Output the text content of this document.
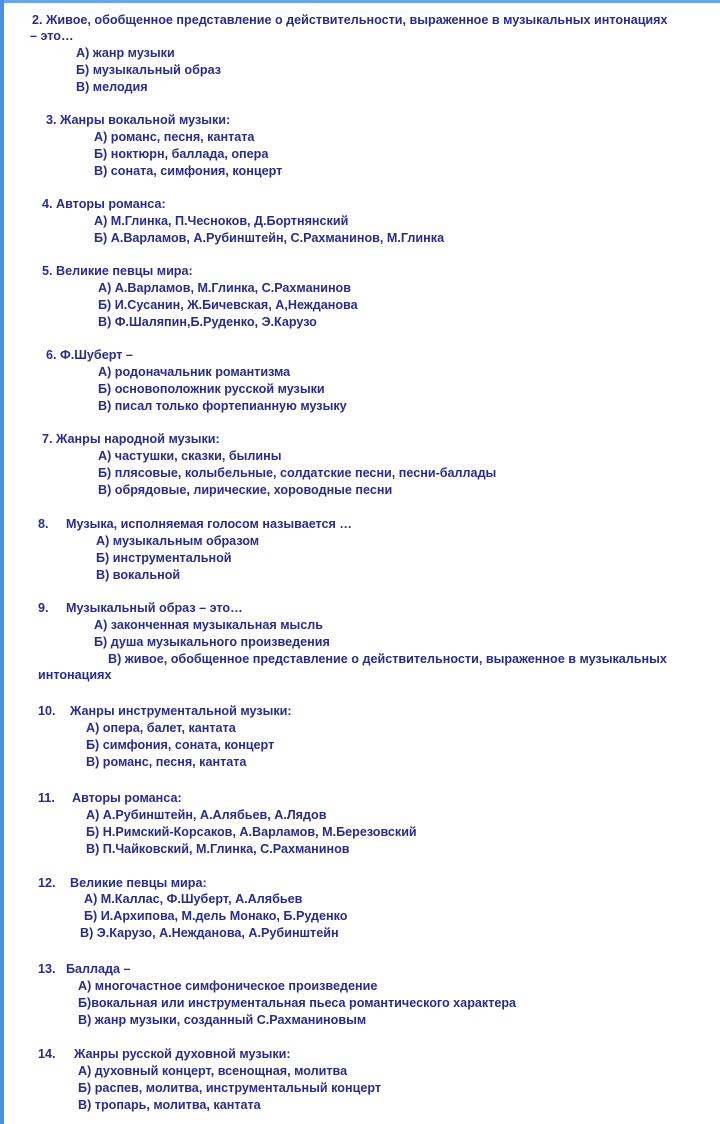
2. Живое, обобщенное представление о действительности, выраженное в музыкальных интонациях
– это…
А) жанр музыки
Б) музыкальный образ
В) мелодия
3. Жанры вокальной музыки:
А) романс, песня, кантата
Б) ноктюрн, баллада, опера
В) соната, симфония, концерт
4. Авторы романса:
А) М.Глинка, П.Чесноков, Д.Бортнянский
Б) А.Варламов, А.Рубинштейн, С.Рахманинов, М.Глинка
5. Великие певцы мира:
А) А.Варламов, М.Глинка, С.Рахманинов
Б) И.Сусанин, Ж.Бичевская, А,Нежданова
В) Ф.Шаляпин,Б.Руденко, Э.Карузо
6. Ф.Шуберт –
А) родоначальник романтизма
Б) основоположник русской музыки
В) писал только фортепианную музыку
7. Жанры народной музыки:
А) частушки, сказки, былины
Б) плясовые, колыбельные, солдатские песни, песни-баллады
В) обрядовые, лирические, хороводные песни
8. Музыка, исполняемая голосом называется …
А) музыкальным образом
Б) инструментальной
В) вокальной
9. Музыкальный образ – это…
А) законченная музыкальная мысль
Б) душа музыкального произведения
В) живое, обобщенное представление о действительности, выраженное в музыкальных
интонациях
10. Жанры инструментальной музыки:
А) опера, балет, кантата
Б) симфония, соната, концерт
В) романс, песня, кантата
11. Авторы романса:
А) А.Рубинштейн, А.Алябьев, А.Лядов
Б) Н.Римский-Корсаков, А.Варламов, М.Березовский
В) П.Чайковский, М.Глинка, С.Рахманинов
12. Великие певцы мира:
А) М.Каллас, Ф.Шуберт, А.Алябьев
Б) И.Архипова, М.дель Монако, Б.Руденко
В) Э.Карузо, А.Нежданова, А.Рубинштейн
13. Баллада –
А) многочастное симфоническое произведение
Б)вокальная или инструментальная пьеса романтического характера
В) жанр музыки, созданный С.Рахманиновым
14. Жанры русской духовной музыки:
А) духовный концерт, всенощная, молитва
Б) распев, молитва, инструментальный концерт
В) тропарь, молитва, кантата
